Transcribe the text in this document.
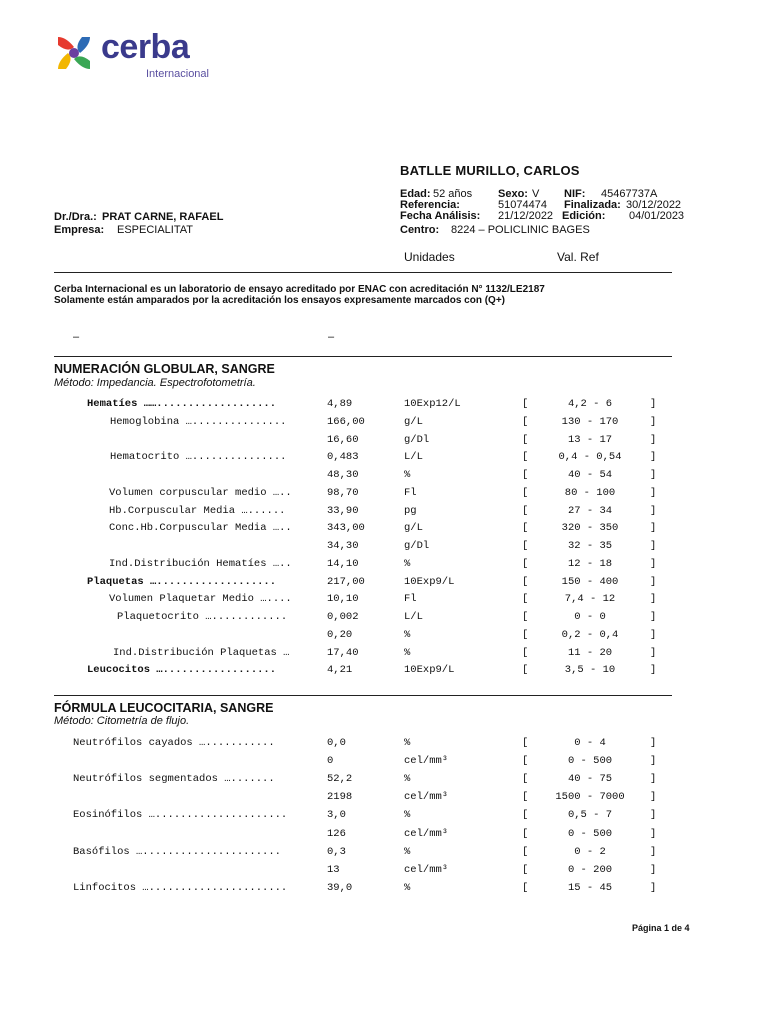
cerba
Internacional
BATLLE MURILLO, CARLOS
Edad: 52 años Sexo: V NIF: 45467737A
Referencia:	51074474 Finalizada: 30/12/2022
Fecha Análisis: 21/12/2022 Edición: 04/01/2023
Centro: 8224 – POLICLINIC BAGES
Dr./Dra.: PRAT CARNE, RAFAEL
Empresa: ESPECIALITAT
Unidades	Val. Ref
Cerba Internacional es un laboratorio de ensayo acreditado por ENAC con acreditación N° 1132/LE2187
Solamente están amparados por la acreditación los ensayos expresamente marcados con (Q+)
–	–
NUMERACIÓN GLOBULAR, SANGRE
Método: Impedancia. Espectrofotometría.
Hematíes ……...................	4,89	10Exp12/L	[	4,2 - 6	]
Hemoglobina …...............	166,00	g/L	[	130 - 170	]
16,60	g/Dl	[	13 - 17	]
Hematocrito …...............	0,483	L/L	[	0,4 - 0,54	]
48,30	%	[	40 - 54	]
Volumen corpuscular medio …..	98,70	Fl	[	80 - 100	]
Hb.Corpuscular Media …......	33,90	pg	[	27 - 34	]
Conc.Hb.Corpuscular Media …..	343,00	g/L	[	320 - 350	]
34,30	g/Dl	[	32 - 35	]
Ind.Distribución Hematíes …..	14,10	%	[	12 - 18	]
Plaquetas …...................	217,00	10Exp9/L	[	150 - 400	]
Volumen Plaquetar Medio …....	10,10	Fl	[	7,4 - 12	]
Plaquetocrito …............	0,002	L/L	[	0 - 0	]
0,20	%	[	0,2 - 0,4	]
Ind.Distribución Plaquetas …	17,40	%	[	11 - 20	]
Leucocitos …..................	4,21	10Exp9/L	[	3,5 - 10	]
FÓRMULA LEUCOCITARIA, SANGRE
Método: Citometría de flujo.
Neutrófilos cayados …...........	0,0	%	[	0 - 4	]
0	cel/mm³	[	0 - 500	]
Neutrófilos segmentados ….......	52,2	%	[	40 - 75	]
2198	cel/mm³	[	1500 - 7000	]
Eosinófilos ….....................	3,0	%	[	0,5 - 7	]
126	cel/mm³	[	0 - 500	]
Basófilos …......................	0,3	%	[	0 - 2	]
13	cel/mm³	[	0 - 200	]
Linfocitos …......................	39,0	%	[	15 - 45	]
Página 1 de 4
